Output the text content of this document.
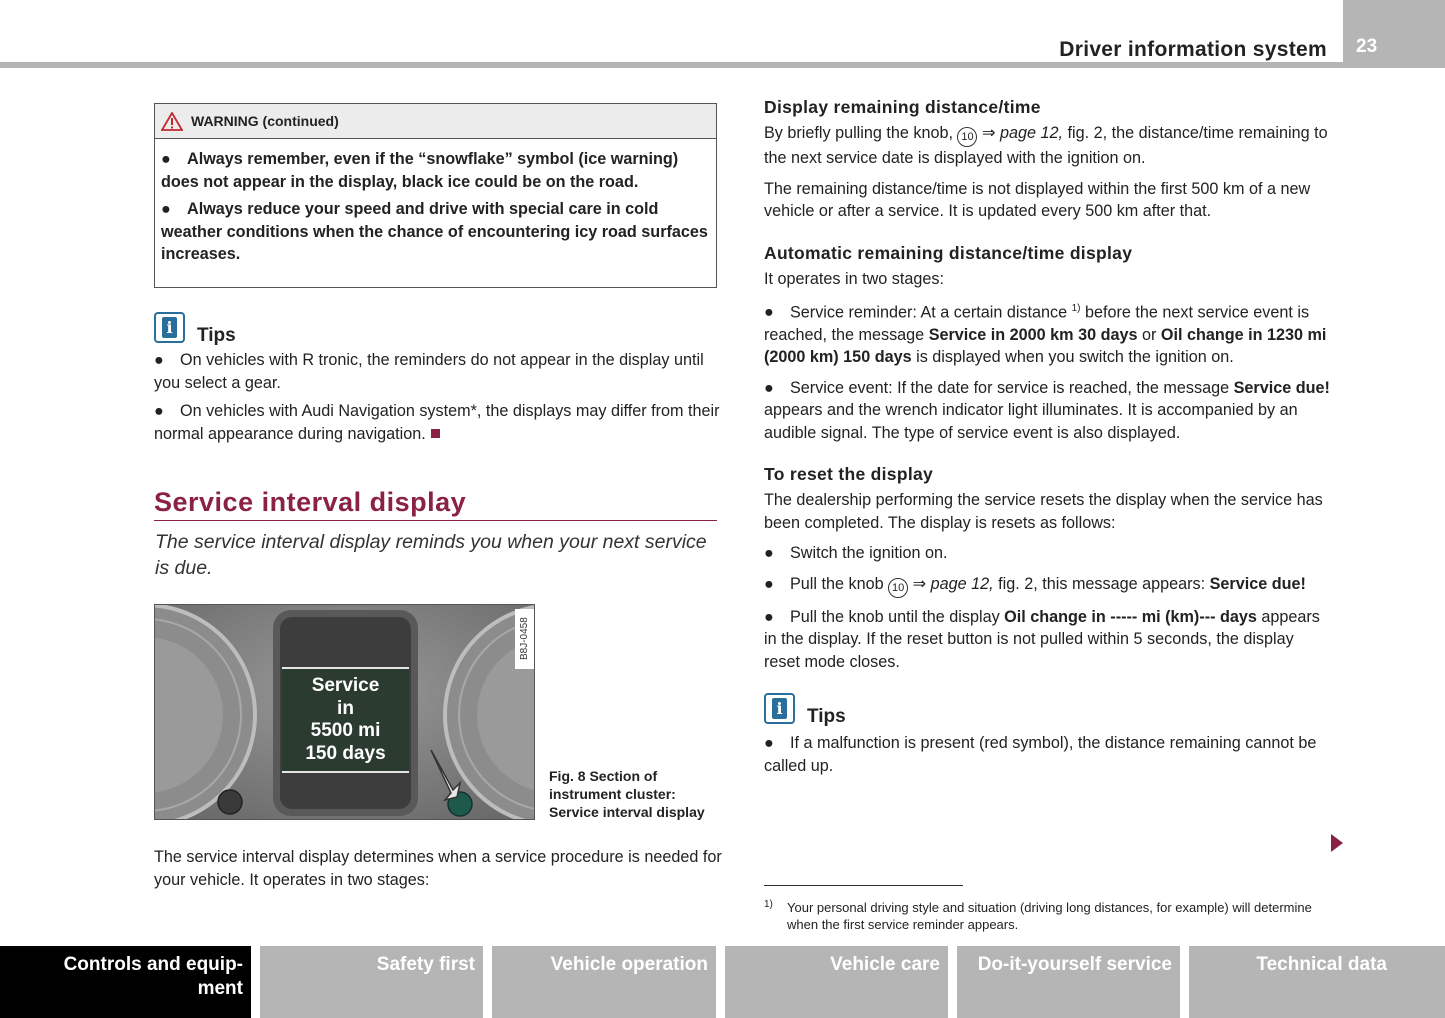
Driver information system 23
WARNING (continued)

● Always remember, even if the “snowflake” symbol (ice warning) does not appear in the display, black ice could be on the road.

● Always reduce your speed and drive with special care in cold weather conditions when the chance of encountering icy road surfaces increases.

i Tips

● On vehicles with R tronic, the reminders do not appear in the display until you select a gear.

● On vehicles with Audi Navigation system*, the displays may differ from their normal appearance during navigation.

Service interval display
The service interval display reminds you when your next service is due.
Service
in
5500 mi
150 days
B8J-0458
Fig. 8 Section of instrument cluster: Service interval display
The service interval display determines when a service procedure is needed for your vehicle. It operates in two stages:
Display remaining distance/time

By briefly pulling the knob, 10 ⇒ page 12, fig. 2, the distance/time remaining to the next service date is displayed with the ignition on.

The remaining distance/time is not displayed within the first 500 km of a new vehicle or after a service. It is updated every 500 km after that.

Automatic remaining distance/time display

It operates in two stages:

● Service reminder: At a certain distance $^{1)}$ before the next service event is reached, the message Service in 2000 km 30 days or Oil change in 1230 mi (2000 km) 150 days is displayed when you switch the ignition on.

● Service event: If the date for service is reached, the message Service due! appears and the wrench indicator light illuminates. It is accompanied by an audible signal. The type of service event is also displayed.

To reset the display

The dealership performing the service resets the display when the service has been completed. The display is resets as follows:

● Switch the ignition on.

● Pull the knob 10 ⇒ page 12, fig. 2, this message appears: Service due!

● Pull the knob until the display Oil change in ----- mi (km)--- days appears in the display. If the reset button is not pulled within 5 seconds, the display reset mode closes.

i Tips

● If a malfunction is present (red symbol), the distance remaining cannot be called up.

1) Your personal driving style and situation (driving long distances, for example) will determine when the first service reminder appears.
Controls and equip-
ment
Safety first	Vehicle operation	Vehicle care	Do-it-yourself service	Technical data
